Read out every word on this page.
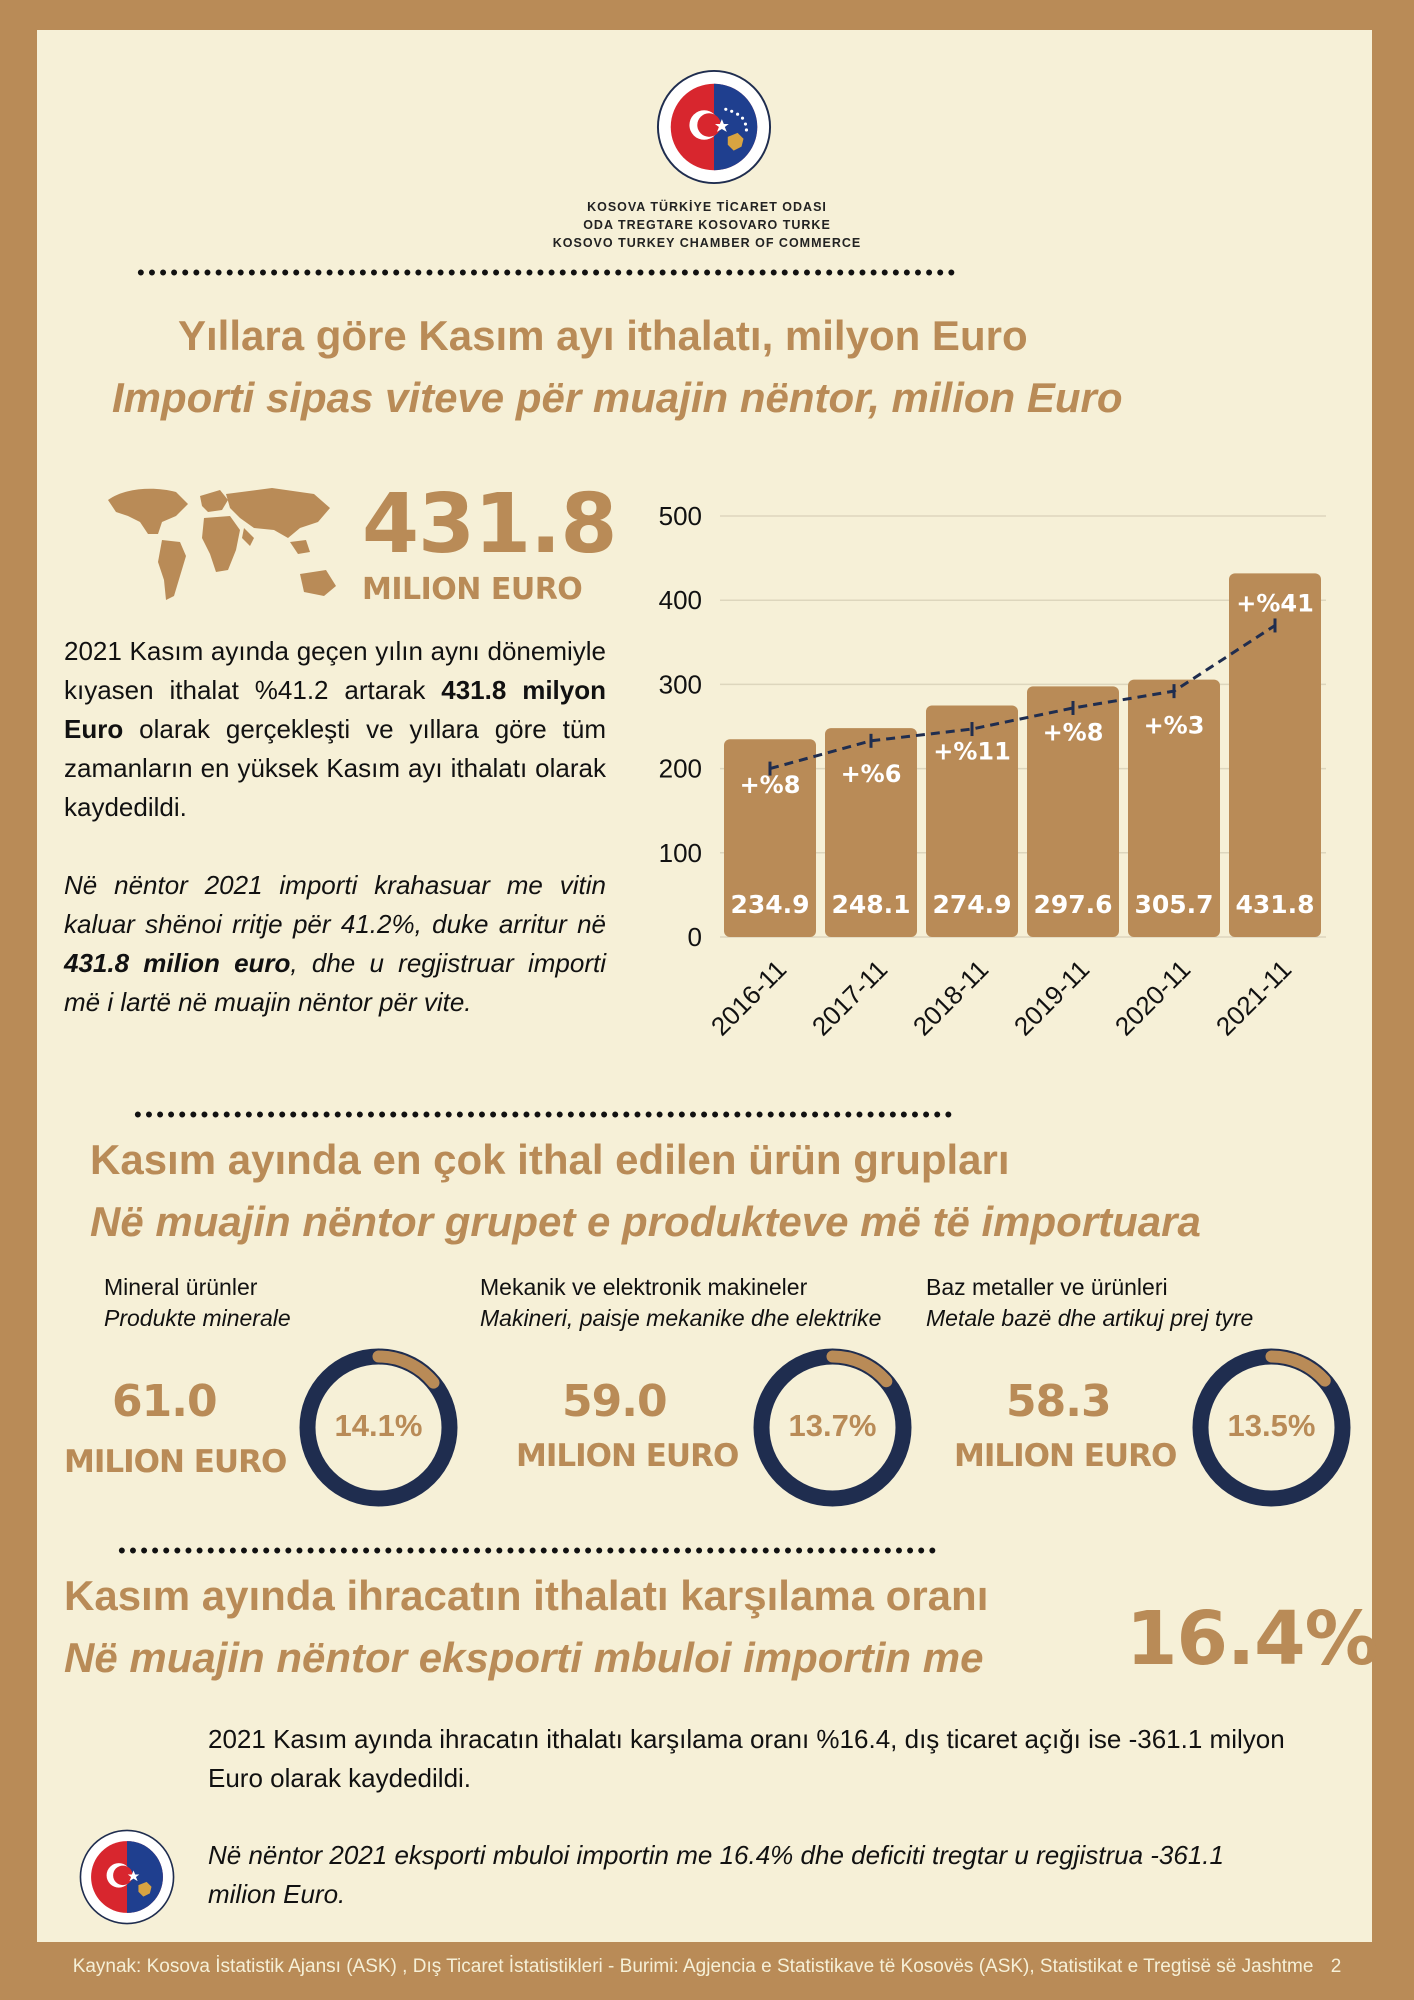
KOSOVA TÜRKİYE TİCARET ODASI
ODA TREGTARE KOSOVARO TURKE
KOSOVO TURKEY CHAMBER OF COMMERCE
••••••••••••••••••••••••••••••••••••••••••••••••••••••••••••••••••••••••••
Yıllara göre Kasım ayı ithalatı, milyon Euro
Importi sipas viteve për muajin nëntor, milion Euro
431.8
MILION EURO
2021 Kasım ayında geçen yılın aynı dönemiyle kıyasen ithalat %41.2 artarak 431.8 milyon Euro olarak gerçekleşti ve yıllara göre tüm zamanların en yüksek Kasım ayı ithalatı olarak kaydedildi.
Në nëntor 2021 importi krahasuar me vitin kaluar shënoi rritje për 41.2%, duke arritur në 431.8 milion euro, dhe u regjistruar importi më i lartë në muajin nëntor për vite.
0
100
200
300
400
500
234.9
+%8
2016-11
248.1
+%6
2017-11
274.9
+%11
2018-11
297.6
+%8
2019-11
305.7
+%3
2020-11
431.8
+%41
2021-11
••••••••••••••••••••••••••••••••••••••••••••••••••••••••••••••••••••••••••
Kasım ayında en çok ithal edilen ürün grupları
Në muajin nëntor grupet e produkteve më të importuara
Mineral ürünler
Produkte minerale
61.0
MILION EURO
14.1%
Mekanik ve elektronik makineler
Makineri, paisje mekanike dhe elektrike
59.0
MILION EURO
13.7%
Baz metaller ve ürünleri
Metale bazë dhe artikuj prej tyre
58.3
MILION EURO
13.5%
••••••••••••••••••••••••••••••••••••••••••••••••••••••••••••••••••••••••••
Kasım ayında ihracatın ithalatı karşılama oranı
Në muajin nëntor eksporti mbuloi importin me 16.4%
2021 Kasım ayında ihracatın ithalatı karşılama oranı %16.4, dış ticaret açığı ise -361.1 milyon Euro olarak kaydedildi.
Në nëntor 2021 eksporti mbuloi importin me 16.4% dhe deficiti tregtar u regjistrua -361.1 milion Euro.
Kaynak: Kosova İstatistik Ajansı (ASK) , Dış Ticaret İstatistikleri - Burimi: Agjencia e Statistikave të Kosovës (ASK), Statistikat e Tregtisë së Jashtme 2
